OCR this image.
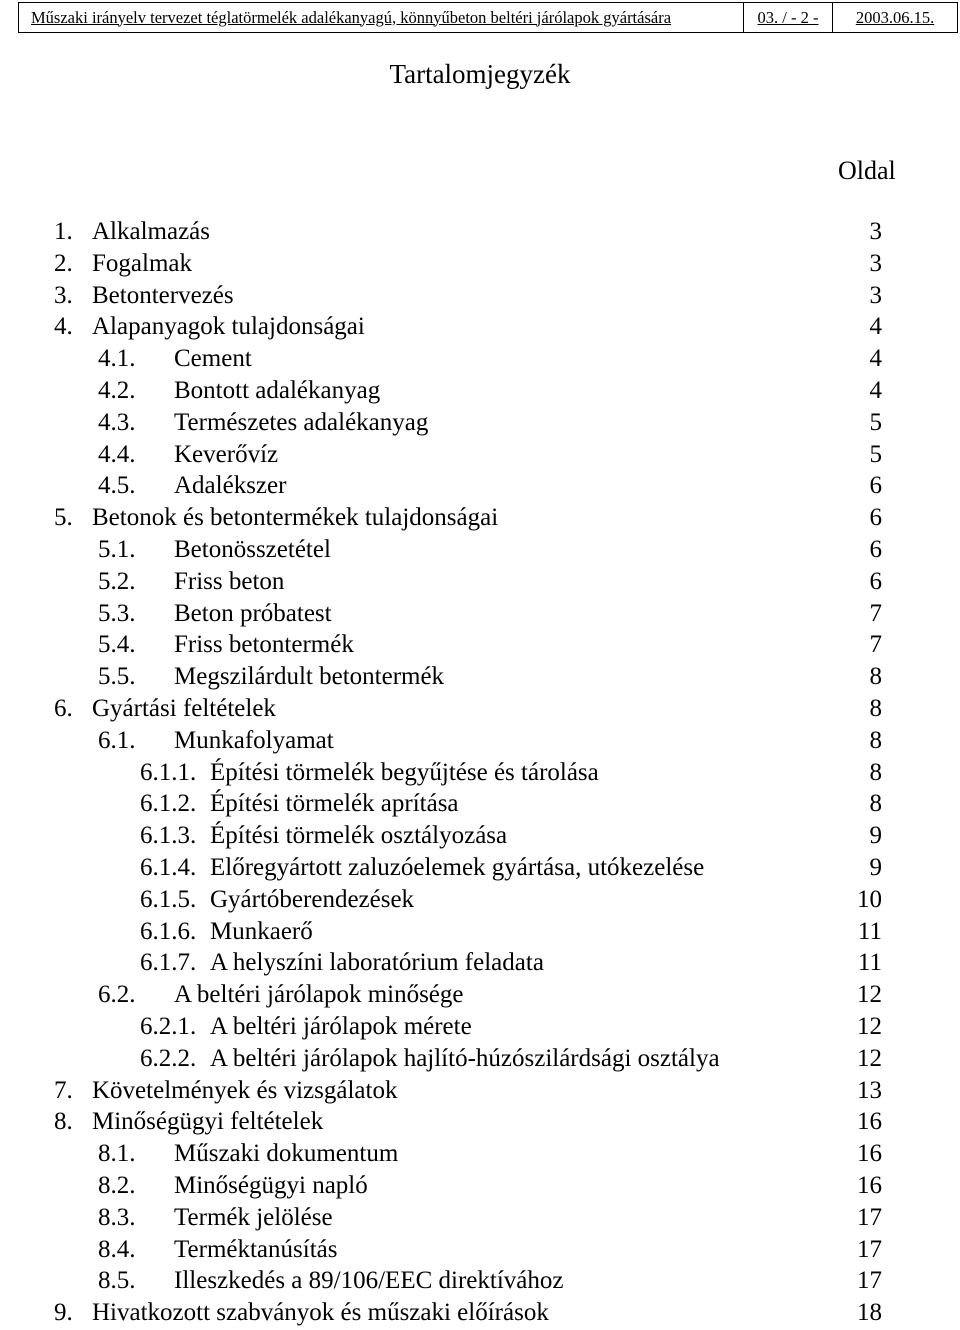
Műszaki irányelv tervezet téglatörmelék adalékanyagú, könnyűbeton beltéri járólapok gyártására	03. / - 2 -	2003.06.15.
Tartalomjegyzék
Oldal
1. Alkalmazás	3
2. Fogalmak	3
3. Betontervezés	3
4. Alapanyagok tulajdonságai	4
4.1. Cement	4
4.2. Bontott adalékanyag	4
4.3. Természetes adalékanyag	5
4.4. Keverővíz	5
4.5. Adalékszer	6
5. Betonok és betontermékek tulajdonságai	6
5.1. Betonösszetétel	6
5.2. Friss beton	6
5.3. Beton próbatest	7
5.4. Friss betontermék	7
5.5. Megszilárdult betontermék	8
6. Gyártási feltételek	8
6.1. Munkafolyamat	8
6.1.1. Építési törmelék begyűjtése és tárolása	8
6.1.2. Építési törmelék aprítása	8
6.1.3. Építési törmelék osztályozása	9
6.1.4. Előregyártott zaluzóelemek gyártása, utókezelése	9
6.1.5. Gyártóberendezések	10
6.1.6. Munkaerő	11
6.1.7. A helyszíni laboratórium feladata	11
6.2. A beltéri járólapok minősége	12
6.2.1. A beltéri járólapok mérete	12
6.2.2. A beltéri járólapok hajlító-húzószilárdsági osztálya	12
7. Követelmények és vizsgálatok	13
8. Minőségügyi feltételek	16
8.1. Műszaki dokumentum	16
8.2. Minőségügyi napló	16
8.3. Termék jelölése	17
8.4. Terméktanúsítás	17
8.5. Illeszkedés a 89/106/EEC direktívához	17
9. Hivatkozott szabványok és műszaki előírások	18
